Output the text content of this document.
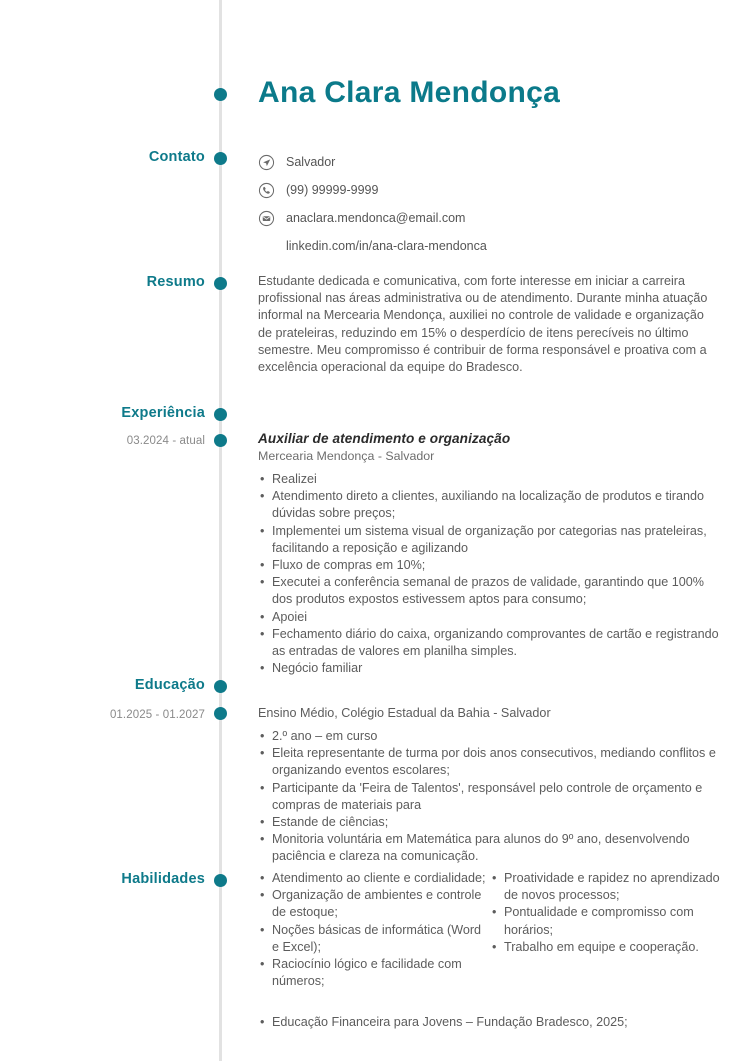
Ana Clara Mendonça
Contato	Salvador
(99) 99999-9999
anaclara.mendonca@email.com
linkedin.com/in/ana-clara-mendonca
Resumo	Estudante dedicada e comunicativa, com forte interesse em iniciar a carreira profissional nas áreas administrativa ou de atendimento. Durante minha atuação informal na Mercearia Mendonça, auxiliei no controle de validade e organização de prateleiras, reduzindo em 15% o desperdício de itens perecíveis no último semestre. Meu compromisso é contribuir de forma responsável e proativa com a excelência operacional da equipe do Bradesco.

Experiência
03.2024 - atual	Auxiliar de atendimento e organização
Mercearia Mendonça - Salvador
• Realizei
• Atendimento direto a clientes, auxiliando na localização de produtos e tirando dúvidas sobre preços;
• Implementei um sistema visual de organização por categorias nas prateleiras, facilitando a reposição e agilizando
• Fluxo de compras em 10%;
• Executei a conferência semanal de prazos de validade, garantindo que 100% dos produtos expostos estivessem aptos para consumo;
• Apoiei
• Fechamento diário do caixa, organizando comprovantes de cartão e registrando as entradas de valores em planilha simples.
• Negócio familiar
Educação
01.2025 - 01.2027	Ensino Médio, Colégio Estadual da Bahia - Salvador
• 2.º ano – em curso
• Eleita representante de turma por dois anos consecutivos, mediando conflitos e organizando eventos escolares;
• Participante da 'Feira de Talentos', responsável pelo controle de orçamento e compras de materiais para
• Estande de ciências;
• Monitoria voluntária em Matemática para alunos do 9º ano, desenvolvendo paciência e clareza na comunicação.
Habilidades	• Atendimento ao cliente e cordialidade;
• Organização de ambientes e controle de estoque;
• Noções básicas de informática (Word e Excel);
• Raciocínio lógico e facilidade com números;
• Proatividade e rapidez no aprendizado de novos processos;
• Pontualidade e compromisso com horários;
• Trabalho em equipe e cooperação.
• Educação Financeira para Jovens – Fundação Bradesco, 2025;
